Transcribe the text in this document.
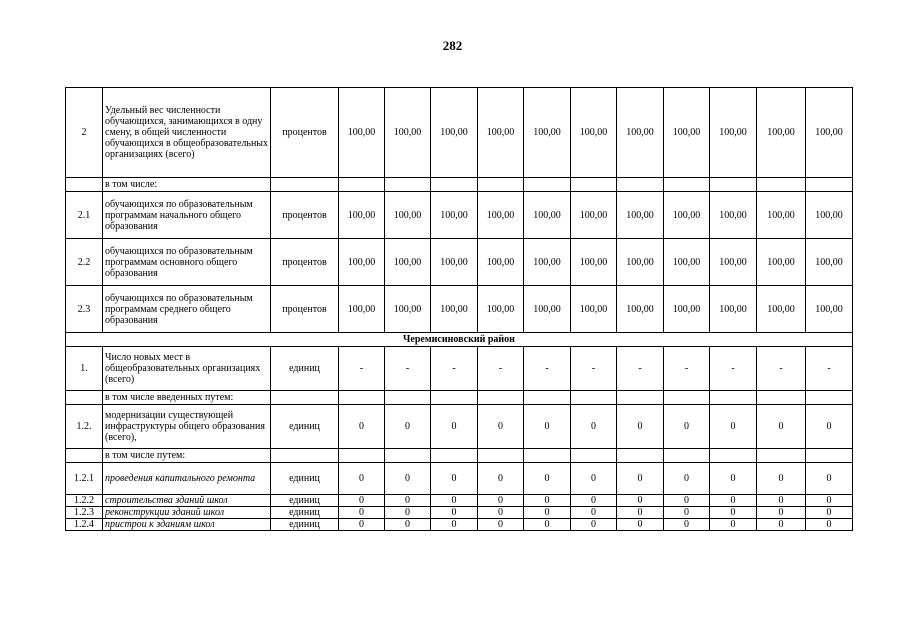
282
2	Удельный вес численности обучающихся, занимающихся в одну смену, в общей численности обучающихся в общеобразовательных организациях (всего)	процентов	100,00	100,00	100,00	100,00	100,00	100,00	100,00	100,00	100,00	100,00	100,00
	в том числе:												
2.1	обучающихся по образовательным программам начального общего образования	процентов	100,00	100,00	100,00	100,00	100,00	100,00	100,00	100,00	100,00	100,00	100,00
2.2	обучающихся по образовательным программам основного общего образования	процентов	100,00	100,00	100,00	100,00	100,00	100,00	100,00	100,00	100,00	100,00	100,00
2.3	обучающихся по образовательным программам среднего общего образования	процентов	100,00	100,00	100,00	100,00	100,00	100,00	100,00	100,00	100,00	100,00	100,00
Черемисиновский район													
1.	Число новых мест в общеобразовательных организациях (всего)	единиц	-	-	-	-	-	-	-	-	-	-	-
	в том числе введенных путем:												
1.2.	модернизации существующей инфраструктуры общего образования (всего),	единиц	0	0	0	0	0	0	0	0	0	0	0
	в том числе путем:												
1.2.1	проведения капитального ремонта	единиц	0	0	0	0	0	0	0	0	0	0	0
1.2.2	строительства зданий школ	единиц	0	0	0	0	0	0	0	0	0	0	0
1.2.3	реконструкции зданий школ	единиц	0	0	0	0	0	0	0	0	0	0	0
1.2.4	пристрои к зданиям школ	единиц	0	0	0	0	0	0	0	0	0	0	0
